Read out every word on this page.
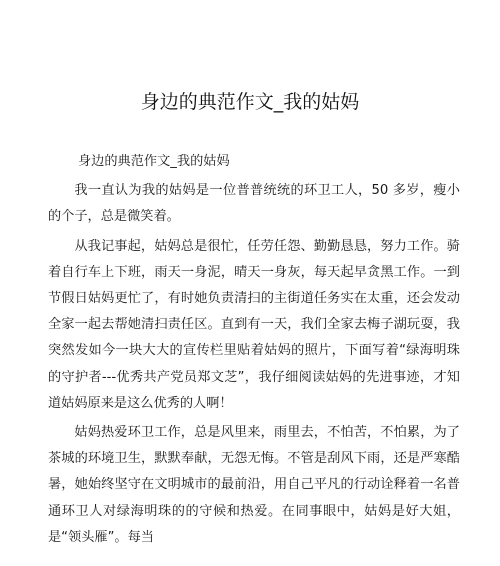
身边的典范作文_我的姑妈

身边的典范作文_我的姑妈

我一直认为我的姑妈是一位普普统统的环卫工人，50 多岁，瘦小的个子，总是微笑着。

从我记事起，姑妈总是很忙，任劳任怨、勤勤恳恳，努力工作。骑着自行车上下班，雨天一身泥，晴天一身灰，每天起早贪黑工作。一到节假日姑妈更忙了，有时她负责清扫的主街道任务实在太重，还会发动全家一起去帮她清扫责任区。直到有一天，我们全家去梅子湖玩耍，我突然发如今一块大大的宣传栏里贴着姑妈的照片，下面写着“绿海明珠的守护者---优秀共产党员郑文芝”，我仔细阅读姑妈的先进事迹，才知道姑妈原来是这么优秀的人啊！

姑妈热爱环卫工作，总是风里来，雨里去，不怕苦，不怕累，为了茶城的环境卫生，默默奉献，无怨无悔。不管是刮风下雨，还是严寒酷暑，她始终坚守在文明城市的最前沿，用自己平凡的行动诠释着一名普通环卫人对绿海明珠的的守候和热爱。在同事眼中，姑妈是好大姐，是“领头雁”。每当
